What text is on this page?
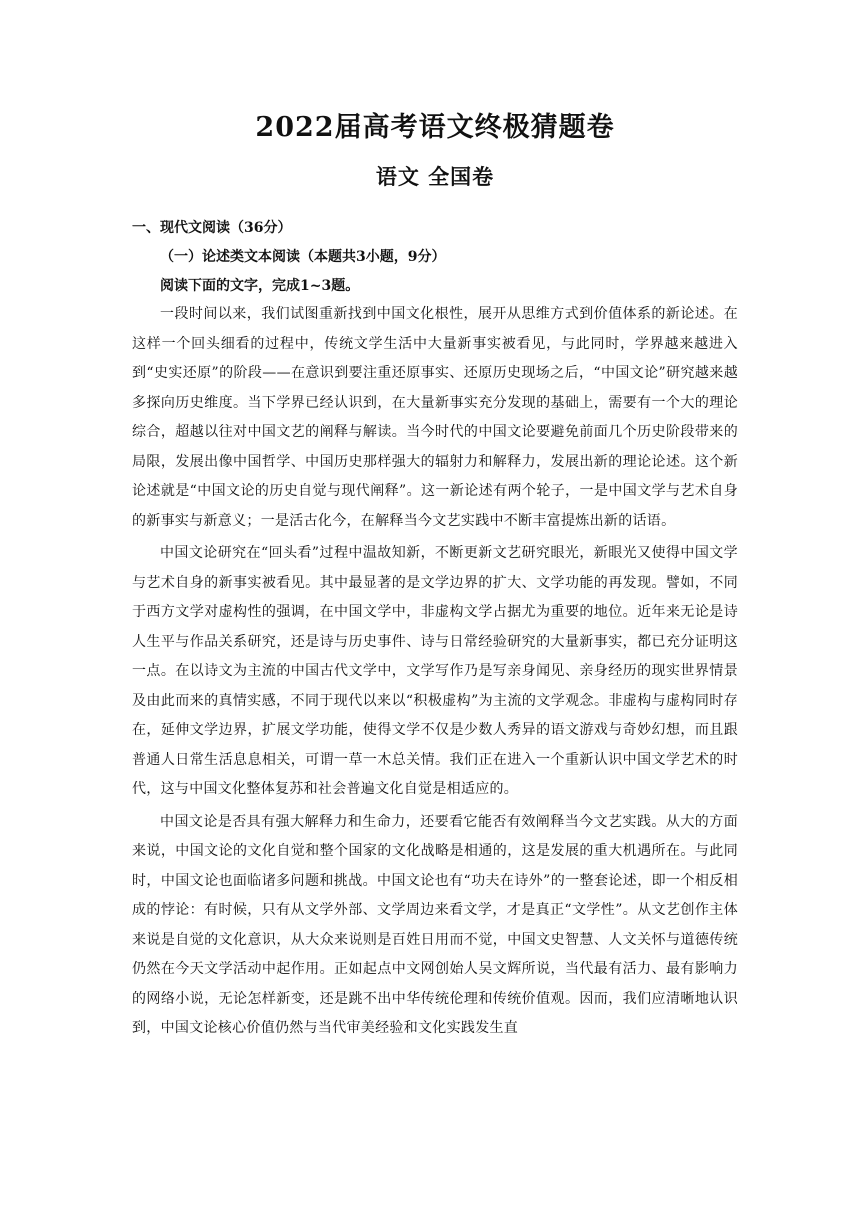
2022届高考语文终极猜题卷
语文 全国卷
一、现代文阅读（36分）
（一）论述类文本阅读（本题共3小题，9分）
阅读下面的文字，完成1~3题。

一段时间以来，我们试图重新找到中国文化根性，展开从思维方式到价值体系的新论述。在这样一个回头细看的过程中，传统文学生活中大量新事实被看见，与此同时，学界越来越进入到“史实还原”的阶段——在意识到要注重还原事实、还原历史现场之后，“中国文论”研究越来越多探向历史维度。当下学界已经认识到，在大量新事实充分发现的基础上，需要有一个大的理论综合，超越以往对中国文艺的阐释与解读。当今时代的中国文论要避免前面几个历史阶段带来的局限，发展出像中国哲学、中国历史那样强大的辐射力和解释力，发展出新的理论论述。这个新论述就是“中国文论的历史自觉与现代阐释”。这一新论述有两个轮子，一是中国文学与艺术自身的新事实与新意义；一是活古化今，在解释当今文艺实践中不断丰富提炼出新的话语。

中国文论研究在“回头看”过程中温故知新，不断更新文艺研究眼光，新眼光又使得中国文学与艺术自身的新事实被看见。其中最显著的是文学边界的扩大、文学功能的再发现。譬如，不同于西方文学对虚构性的强调，在中国文学中，非虚构文学占据尤为重要的地位。近年来无论是诗人生平与作品关系研究，还是诗与历史事件、诗与日常经验研究的大量新事实，都已充分证明这一点。在以诗文为主流的中国古代文学中，文学写作乃是写亲身闻见、亲身经历的现实世界情景及由此而来的真情实感，不同于现代以来以“积极虚构”为主流的文学观念。非虚构与虚构同时存在，延伸文学边界，扩展文学功能，使得文学不仅是少数人秀异的语文游戏与奇妙幻想，而且跟普通人日常生活息息相关，可谓一草一木总关情。我们正在进入一个重新认识中国文学艺术的时代，这与中国文化整体复苏和社会普遍文化自觉是相适应的。

中国文论是否具有强大解释力和生命力，还要看它能否有效阐释当今文艺实践。从大的方面来说，中国文论的文化自觉和整个国家的文化战略是相通的，这是发展的重大机遇所在。与此同时，中国文论也面临诸多问题和挑战。中国文论也有“功夫在诗外”的一整套论述，即一个相反相成的悖论：有时候，只有从文学外部、文学周边来看文学，才是真正“文学性”。从文艺创作主体来说是自觉的文化意识，从大众来说则是百姓日用而不觉，中国文史智慧、人文关怀与道德传统仍然在今天文学活动中起作用。正如起点中文网创始人吴文辉所说，当代最有活力、最有影响力的网络小说，无论怎样新变，还是跳不出中华传统伦理和传统价值观。因而，我们应清晰地认识到，中国文论核心价值仍然与当代审美经验和文化实践发生直
